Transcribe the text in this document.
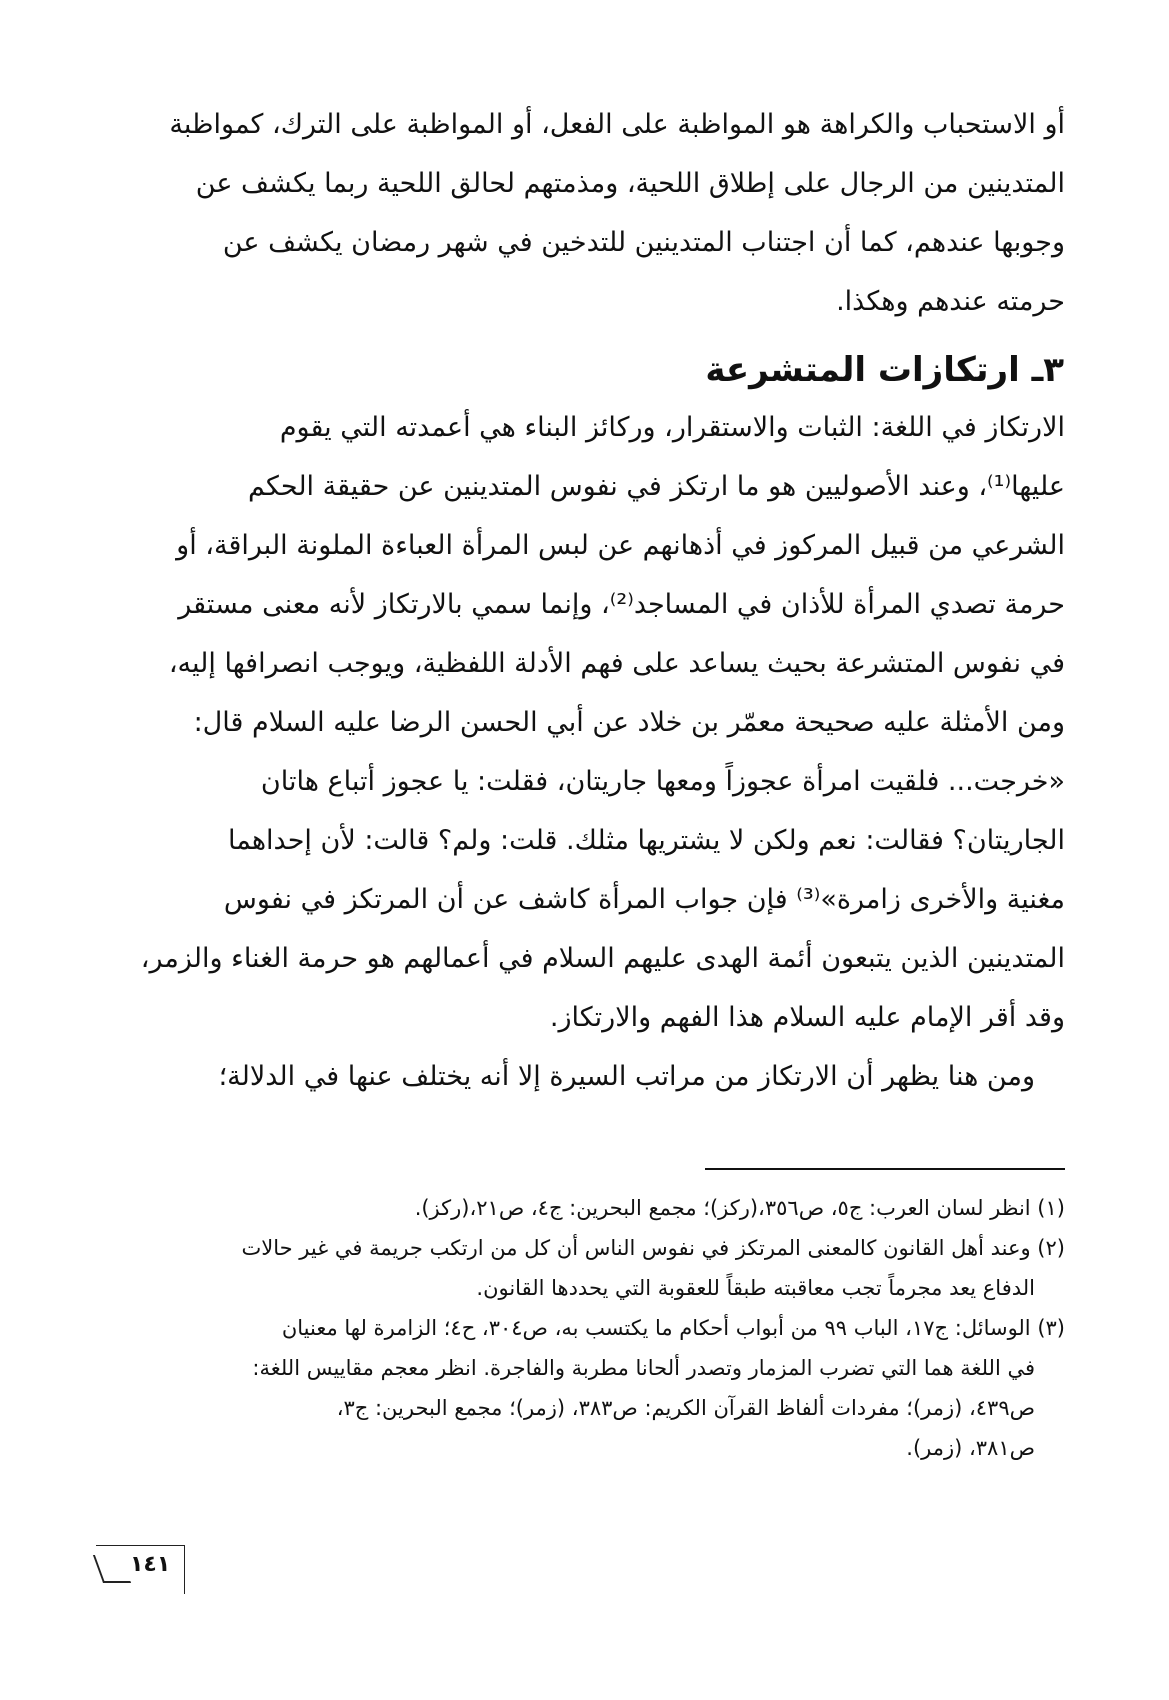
أو الاستحباب والكراهة هو المواظبة على الفعل، أو المواظبة على الترك، كمواظبة
المتدينين من الرجال على إطلاق اللحية، ومذمتهم لحالق اللحية ربما يكشف عن
وجوبها عندهم، كما أن اجتناب المتدينين للتدخين في شهر رمضان يكشف عن
حرمته عندهم وهكذا.
٣ـ ارتكازات المتشرعة
الارتكاز في اللغة: الثبات والاستقرار، وركائز البناء هي أعمدته التي يقوم
عليها⁽¹⁾، وعند الأصوليين هو ما ارتكز في نفوس المتدينين عن حقيقة الحكم
الشرعي من قبيل المركوز في أذهانهم عن لبس المرأة العباءة الملونة البراقة، أو
حرمة تصدي المرأة للأذان في المساجد⁽²⁾، وإنما سمي بالارتكاز لأنه معنى مستقر
في نفوس المتشرعة بحيث يساعد على فهم الأدلة اللفظية، ويوجب انصرافها إليه،
ومن الأمثلة عليه صحيحة معمّر بن خلاد عن أبي الحسن الرضا عليه السلام قال:
«خرجت... فلقيت امرأة عجوزاً ومعها جاريتان، فقلت: يا عجوز أتباع هاتان
الجاريتان؟ فقالت: نعم ولكن لا يشتريها مثلك. قلت: ولم؟ قالت: لأن إحداهما
مغنية والأخرى زامرة»⁽³⁾ فإن جواب المرأة كاشف عن أن المرتكز في نفوس
المتدينين الذين يتبعون أئمة الهدى عليهم السلام في أعمالهم هو حرمة الغناء والزمر،
وقد أقر الإمام عليه السلام هذا الفهم والارتكاز.
ومن هنا يظهر أن الارتكاز من مراتب السيرة إلا أنه يختلف عنها في الدلالة؛
(١) انظر لسان العرب: ج٥، ص٣٥٦،(ركز)؛ مجمع البحرين: ج٤، ص٢١،(ركز).
(٢) وعند أهل القانون كالمعنى المرتكز في نفوس الناس أن كل من ارتكب جريمة في غير حالات
الدفاع يعد مجرماً تجب معاقبته طبقاً للعقوبة التي يحددها القانون.
(٣) الوسائل: ج١٧، الباب ٩٩ من أبواب أحكام ما يكتسب به، ص٣٠٤، ح٤؛ الزامرة لها معنيان
في اللغة هما التي تضرب المزمار وتصدر ألحانا مطربة والفاجرة. انظر معجم مقاييس اللغة:
ص٤٣٩، (زمر)؛ مفردات ألفاظ القرآن الكريم: ص٣٨٣، (زمر)؛ مجمع البحرين: ج٣،
ص٣٨١، (زمر).
١٤١
